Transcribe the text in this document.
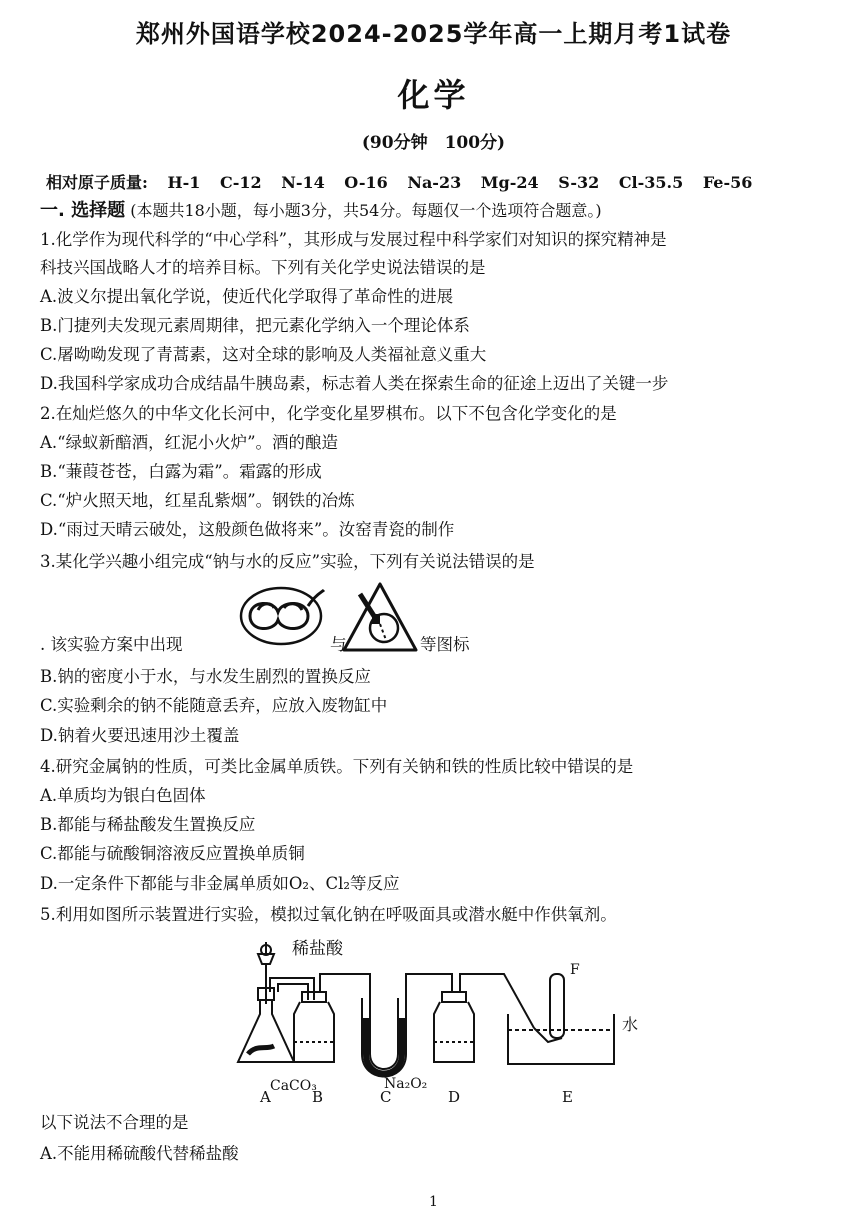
郑州外国语学校2024-2025学年高一上期月考1试卷
化学
(90分钟　100分)
相对原子质量: H-1 C-12 N-14 O-16 Na-23 Mg-24 S-32 Cl-35.5 Fe-56
一. 选择题 (本题共18小题，每小题3分，共54分。每题仅一个选项符合题意。)
1.化学作为现代科学的“中心学科”，其形成与发展过程中科学家们对知识的探究精神是
科技兴国战略人才的培养目标。下列有关化学史说法错误的是
A.波义尔提出氧化学说，使近代化学取得了革命性的进展
B.门捷列夫发现元素周期律，把元素化学纳入一个理论体系
C.屠呦呦发现了青蒿素，这对全球的影响及人类福祉意义重大
D.我国科学家成功合成结晶牛胰岛素，标志着人类在探索生命的征途上迈出了关键一步
2.在灿烂悠久的中华文化长河中，化学变化星罗棋布。以下不包含化学变化的是
A.“绿蚁新醅酒，红泥小火炉”。酒的酿造
B.“蒹葭苍苍，白露为霜”。霜露的形成
C.“炉火照天地，红星乱紫烟”。钢铁的冶炼
D.“雨过天晴云破处，这般颜色做将来”。汝窑青瓷的制作
3.某化学兴趣小组完成“钠与水的反应”实验，下列有关说法错误的是
. 该实验方案中出现	与	等图标
B.钠的密度小于水，与水发生剧烈的置换反应
C.实验剩余的钠不能随意丢弃，应放入废物缸中
D.钠着火要迅速用沙土覆盖
4.研究金属钠的性质，可类比金属单质铁。下列有关钠和铁的性质比较中错误的是
A.单质均为银白色固体
B.都能与稀盐酸发生置换反应
C.都能与硫酸铜溶液反应置换单质铜
D.一定条件下都能与非金属单质如O₂、Cl₂等反应
5.利用如图所示装置进行实验，模拟过氧化钠在呼吸面具或潜水艇中作供氧剂。
稀盐酸
CaCO₃	Na₂O₂
水
F
A	B	C	D	E
以下说法不合理的是
A.不能用稀硫酸代替稀盐酸
1
